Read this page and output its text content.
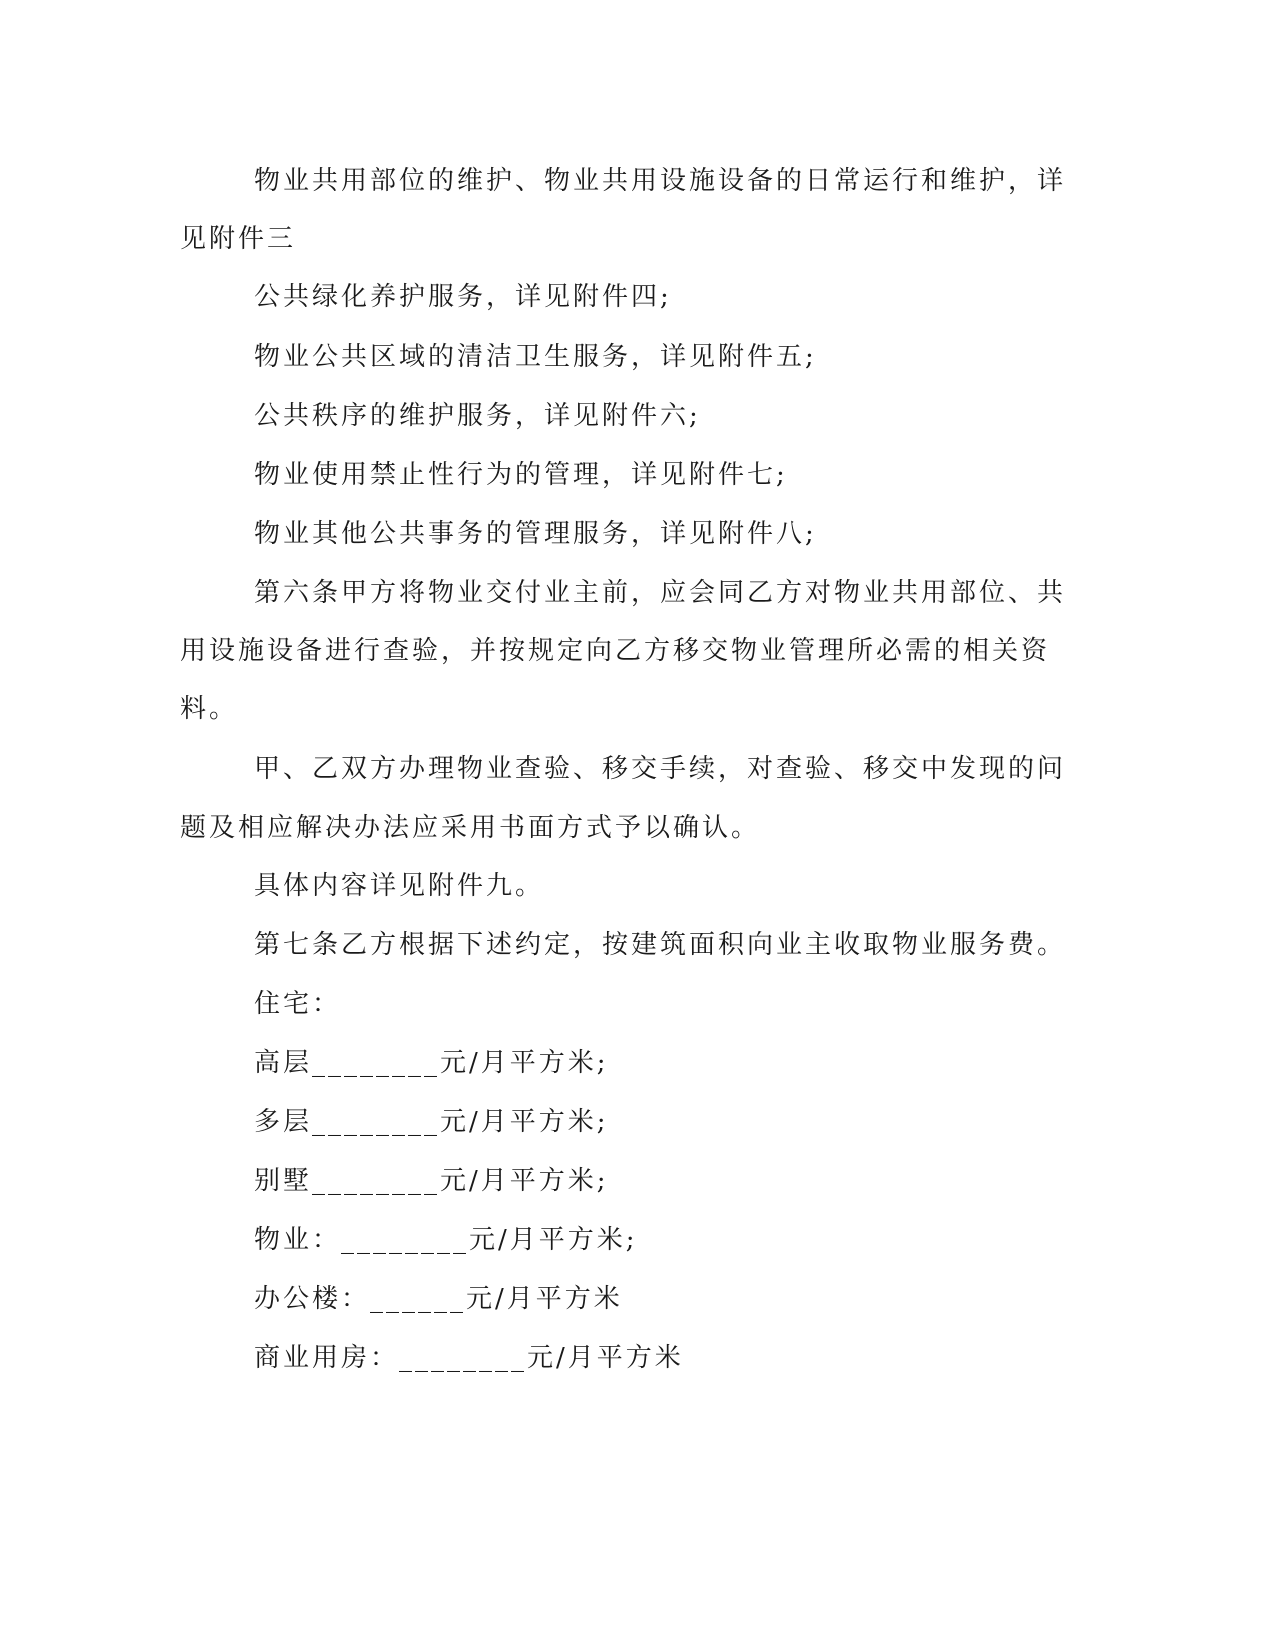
物业共用部位的维护、物业共用设施设备的日常运行和维护，详
见附件三
公共绿化养护服务，详见附件四;
物业公共区域的清洁卫生服务，详见附件五;
公共秩序的维护服务，详见附件六;
物业使用禁止性行为的管理，详见附件七;
物业其他公共事务的管理服务，详见附件八;
第六条甲方将物业交付业主前，应会同乙方对物业共用部位、共
用设施设备进行查验，并按规定向乙方移交物业管理所必需的相关资
料。
甲、乙双方办理物业查验、移交手续，对查验、移交中发现的问
题及相应解决办法应采用书面方式予以确认。
具体内容详见附件九。
第七条乙方根据下述约定，按建筑面积向业主收取物业服务费。
住宅：
高层________元/月平方米;
多层________元/月平方米;
别墅________元/月平方米;
物业：________元/月平方米;
办公楼：______元/月平方米
商业用房：________元/月平方米
